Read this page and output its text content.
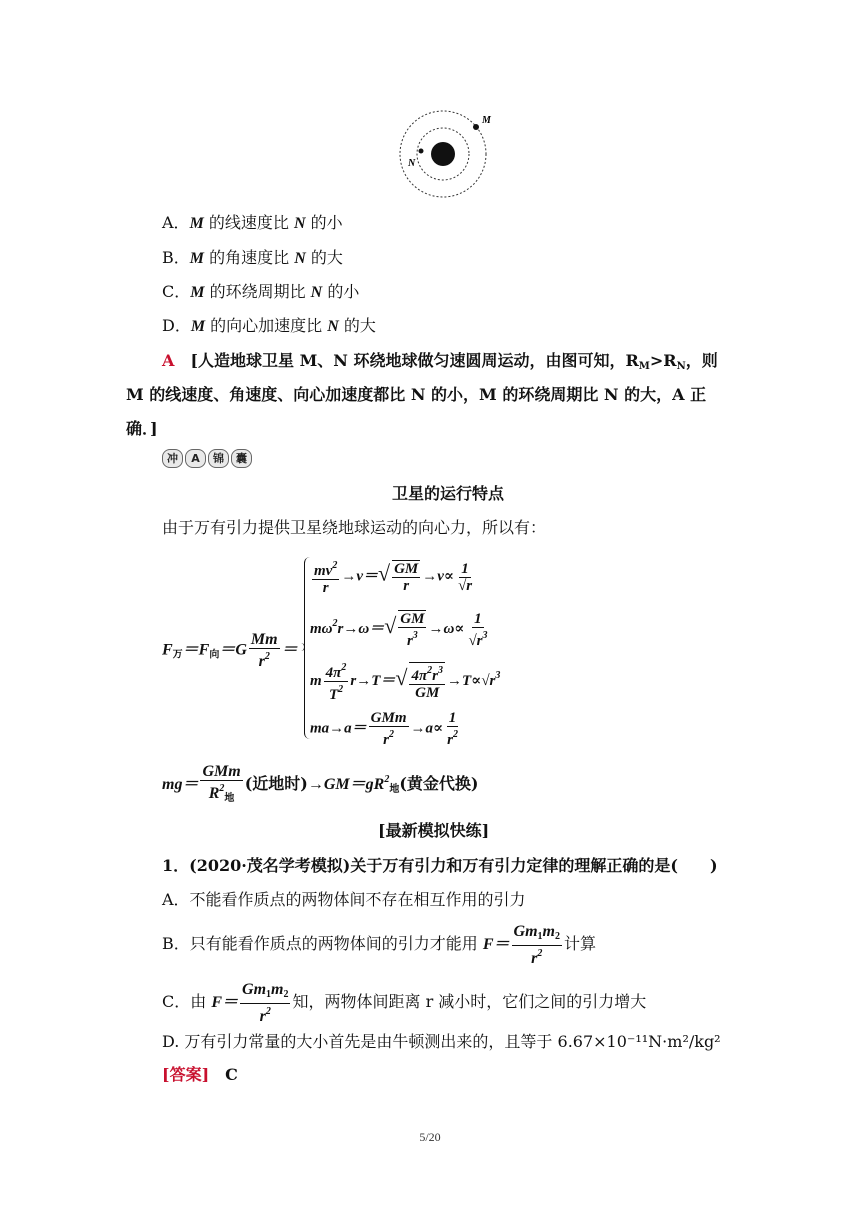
M
N
A．M 的线速度比 N 的小
B．M 的角速度比 N 的大
C．M 的环绕周期比 N 的小
D．M 的向心加速度比 N 的大
A　 [人造地球卫星 M、N 环绕地球做匀速圆周运动，由图可知，$R_M>R_N$，则
M 的线速度、角速度、向心加速度都比 N 的小，M 的环绕周期比 N 的大，A 正
确．]
冲	A	锦	囊
卫星的运行特点
由于万有引力提供卫星绕地球运动的向心力，所以有：
$F_万=F_向=G \frac{Mm}{r^2}$ ＝
$\frac{mv^2}{r} \to v=√ \frac{GM}{r} \to v\propto \frac{1}{√r}$
$m\omega^2r\to\omega=√ \frac{GM}{r^3} \to\omega\propto \frac{1}{√r^3}$
m $\frac{4\pi^2}{T^2} r\to T=√ \frac{4\pi^2r^3}{GM} \to T\propto√r^3$
$ma\to a= \frac{\text{GMm}}{r^2} \to a\propto \frac{1}{r^2}$
$mg= \frac{\text{GMm}}{R^2_地}$ (近地时)$\to GM=gR^2_地$(黄金代换)
[最新模拟快练]
1．(2020·茂名学考模拟)关于万有引力和万有引力定律的理解正确的是(　　)
A．不能看作质点的两物体间不存在相互作用的引力
B．只有能看作质点的两物体间的引力才能用 $F= \frac{Gm_1m_2}{r^2}$ 计算
C．由 $F= \frac{Gm_1m_2}{r^2}$ 知，两物体间距离 r 减小时，它们之间的引力增大
D. 万有引力常量的大小首先是由牛顿测出来的，且等于 6.67×10⁻¹¹N·m²/kg²
[答案]　 C
5/20
